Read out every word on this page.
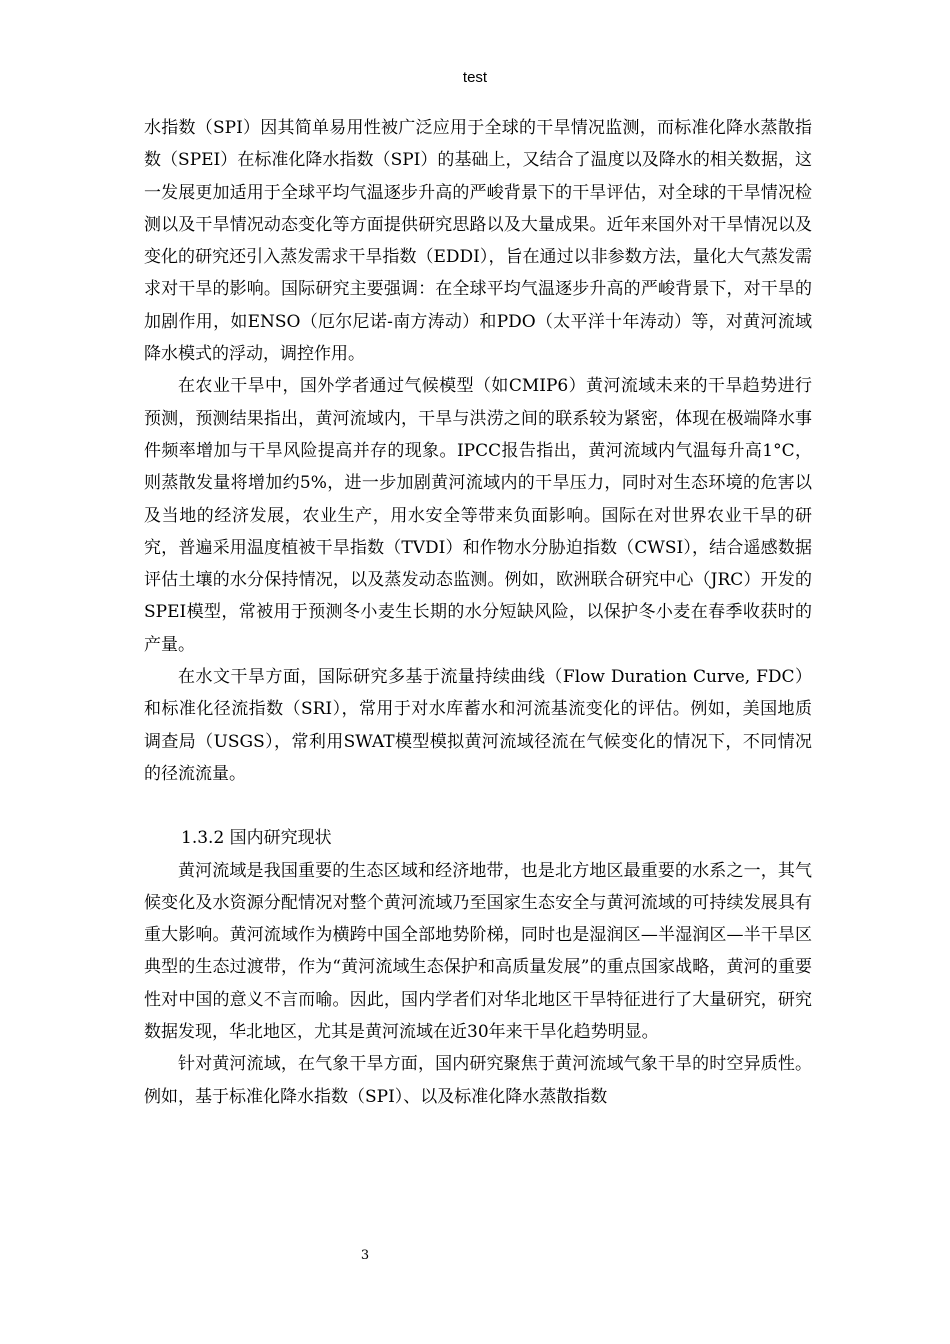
test

水指数（SPI）因其简单易用性被广泛应用于全球的干旱情况监测，而标准化降水蒸散指数（SPEI）在标准化降水指数（SPI）的基础上，又结合了温度以及降水的相关数据，这一发展更加适用于全球平均气温逐步升高的严峻背景下的干旱评估，对全球的干旱情况检测以及干旱情况动态变化等方面提供研究思路以及大量成果。近年来国外对干旱情况以及变化的研究还引入蒸发需求干旱指数（EDDI），旨在通过以非参数方法，量化大气蒸发需求对干旱的影响。国际研究主要强调：在全球平均气温逐步升高的严峻背景下，对干旱的加剧作用，如ENSO（厄尔尼诺-南方涛动）和PDO（太平洋十年涛动）等，对黄河流域降水模式的浮动，调控作用。

在农业干旱中，国外学者通过气候模型（如CMIP6）黄河流域未来的干旱趋势进行预测，预测结果指出，黄河流域内，干旱与洪涝之间的联系较为紧密，体现在极端降水事件频率增加与干旱风险提高并存的现象。IPCC报告指出，黄河流域内气温每升高1°C，则蒸散发量将增加约5%，进一步加剧黄河流域内的干旱压力，同时对生态环境的危害以及当地的经济发展，农业生产，用水安全等带来负面影响。国际在对世界农业干旱的研究，普遍采用温度植被干旱指数（TVDI）和作物水分胁迫指数（CWSI），结合遥感数据评估土壤的水分保持情况，以及蒸发动态监测。例如，欧洲联合研究中心（JRC）开发的SPEI模型，常被用于预测冬小麦生长期的水分短缺风险，以保护冬小麦在春季收获时的产量。

在水文干旱方面，国际研究多基于流量持续曲线（Flow Duration Curve, FDC）和标准化径流指数（SRI），常用于对水库蓄水和河流基流变化的评估。例如，美国地质调查局（USGS），常利用SWAT模型模拟黄河流域径流在气候变化的情况下，不同情况的径流流量。

1.3.2 国内研究现状

黄河流域是我国重要的生态区域和经济地带，也是北方地区最重要的水系之一，其气候变化及水资源分配情况对整个黄河流域乃至国家生态安全与黄河流域的可持续发展具有重大影响。黄河流域作为横跨中国全部地势阶梯，同时也是湿润区—半湿润区—半干旱区典型的生态过渡带，作为“黄河流域生态保护和高质量发展”的重点国家战略，黄河的重要性对中国的意义不言而喻。因此，国内学者们对华北地区干旱特征进行了大量研究，研究数据发现，华北地区，尤其是黄河流域在近30年来干旱化趋势明显。

针对黄河流域，在气象干旱方面，国内研究聚焦于黄河流域气象干旱的时空异质性。例如，基于标准化降水指数（SPI）、以及标准化降水蒸散指数

3
